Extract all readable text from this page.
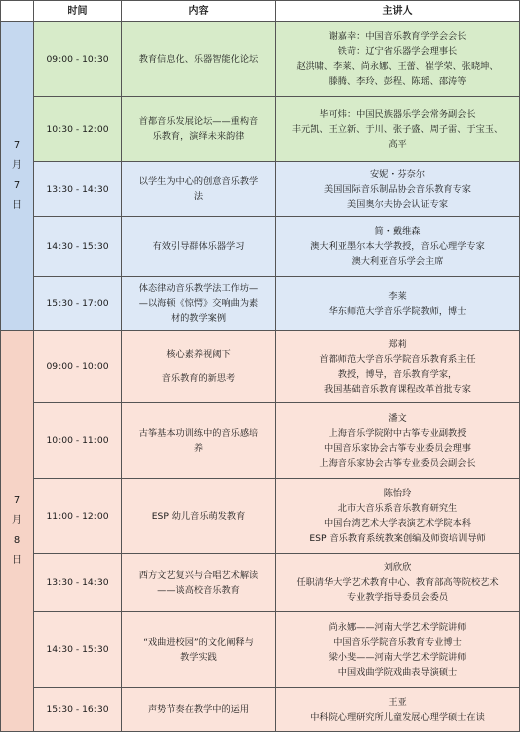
	时间	内容	主讲人

7
月
7
日	09:00 - 10:30	教育信息化、乐器智能化论坛	谢嘉幸：中国音乐教育学学会会长
铁苛：辽宁省乐器学会理事长
赵洪啸、李莱、尚永娜、王蕾、崔学荣、张晓坤、
滕腾、李玲、彭程、陈瑶、邵涛等

	10:30 - 12:00	首都音乐发展论坛——重构音
乐教育，演绎未来韵律	毕可炜：中国民族器乐学会常务副会长
丰元凯、王立新、于川、张子盛、周子雷、于宝玉、
高平

	13:30 - 14:30	以学生为中心的创意音乐教学
法	安妮・芬奈尔
美国国际音乐制品协会音乐教育专家
美国奥尔夫协会认证专家

	14:30 - 15:30	有效引导群体乐器学习	简・戴维森
澳大利亚墨尔本大学教授，音乐心理学专家
澳大利亚音乐学会主席

	15:30 - 17:00	体态律动音乐教学法工作坊—
—以海顿《惊愕》交响曲为素
材的教学案例	李莱
华东师范大学音乐学院教师，博士

7
月
8
日	09:00 - 10:00	核心素养视阈下
音乐教育的新思考	郑莉
首都师范大学音乐学院音乐教育系主任
教授，博导，音乐教育学家，
我国基础音乐教育课程改革首批专家

	10:00 - 11:00	古筝基本功训练中的音乐感培
养	潘文
上海音乐学院附中古筝专业副教授
中国音乐家协会古筝专业委员会理事
上海音乐家协会古筝专业委员会副会长

	11:00 - 12:00	ESP 幼儿音乐萌发教育	陈怡玲
北市大音乐系音乐教育研究生
中国台湾艺术大学表演艺术学院本科
ESP 音乐教育系统教案创编及师资培训导师

	13:30 - 14:30	西方文艺复兴与合唱艺术解读
——谈高校音乐教育	刘欣欣
任职清华大学艺术教育中心、教育部高等院校艺术
专业教学指导委员会委员

	14:30 - 15:30	“戏曲进校园”的文化阐释与
教学实践	尚永娜——河南大学艺术学院讲师
中国音乐学院音乐教育专业博士
梁小斐——河南大学艺术学院讲师
中国戏曲学院戏曲表导演硕士

	15:30 - 16:30	声势节奏在教学中的运用	王亚
中科院心理研究所儿童发展心理学硕士在读
